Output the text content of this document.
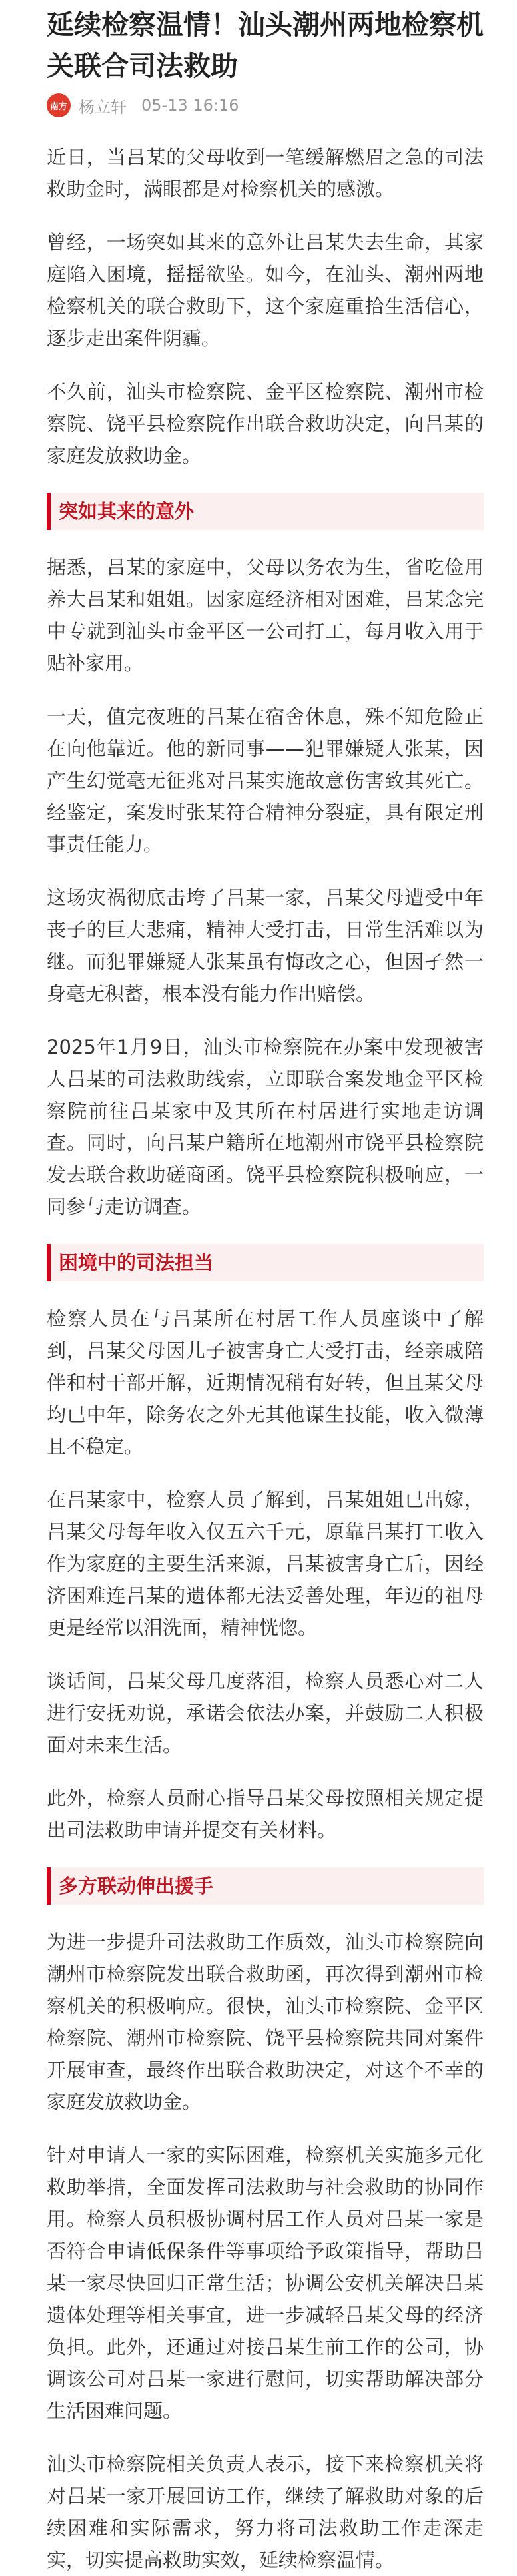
延续检察温情！汕头潮州两地检察机关联合司法救助
南方 杨立轩 05-13 16:16

近日，当吕某的父母收到一笔缓解燃眉之急的司法救助金时，满眼都是对检察机关的感激。

曾经，一场突如其来的意外让吕某失去生命，其家庭陷入困境，摇摇欲坠。如今，在汕头、潮州两地检察机关的联合救助下，这个家庭重拾生活信心，逐步走出案件阴霾。

不久前，汕头市检察院、金平区检察院、潮州市检察院、饶平县检察院作出联合救助决定，向吕某的家庭发放救助金。

突如其来的意外

据悉，吕某的家庭中，父母以务农为生，省吃俭用养大吕某和姐姐。因家庭经济相对困难，吕某念完中专就到汕头市金平区一公司打工，每月收入用于贴补家用。

一天，值完夜班的吕某在宿舍休息，殊不知危险正在向他靠近。他的新同事——犯罪嫌疑人张某，因产生幻觉毫无征兆对吕某实施故意伤害致其死亡。经鉴定，案发时张某符合精神分裂症，具有限定刑事责任能力。

这场灾祸彻底击垮了吕某一家，吕某父母遭受中年丧子的巨大悲痛，精神大受打击，日常生活难以为继。而犯罪嫌疑人张某虽有悔改之心，但因孑然一身毫无积蓄，根本没有能力作出赔偿。

2025年1月9日，汕头市检察院在办案中发现被害人吕某的司法救助线索，立即联合案发地金平区检察院前往吕某家中及其所在村居进行实地走访调查。同时，向吕某户籍所在地潮州市饶平县检察院发去联合救助磋商函。饶平县检察院积极响应，一同参与走访调查。

困境中的司法担当

检察人员在与吕某所在村居工作人员座谈中了解到，吕某父母因儿子被害身亡大受打击，经亲戚陪伴和村干部开解，近期情况稍有好转，但且某父母均已中年，除务农之外无其他谋生技能，收入微薄且不稳定。

在吕某家中，检察人员了解到，吕某姐姐已出嫁，吕某父母每年收入仅五六千元，原靠吕某打工收入作为家庭的主要生活来源，吕某被害身亡后，因经济困难连吕某的遗体都无法妥善处理，年迈的祖母更是经常以泪洗面，精神恍惚。

谈话间，吕某父母几度落泪，检察人员悉心对二人进行安抚劝说，承诺会依法办案，并鼓励二人积极面对未来生活。

此外，检察人员耐心指导吕某父母按照相关规定提出司法救助申请并提交有关材料。

多方联动伸出援手

为进一步提升司法救助工作质效，汕头市检察院向潮州市检察院发出联合救助函，再次得到潮州市检察机关的积极响应。很快，汕头市检察院、金平区检察院、潮州市检察院、饶平县检察院共同对案件开展审查，最终作出联合救助决定，对这个不幸的家庭发放救助金。

针对申请人一家的实际困难，检察机关实施多元化救助举措，全面发挥司法救助与社会救助的协同作用。检察人员积极协调村居工作人员对吕某一家是否符合申请低保条件等事项给予政策指导，帮助吕某一家尽快回归正常生活；协调公安机关解决吕某遗体处理等相关事宜，进一步减轻吕某父母的经济负担。此外，还通过对接吕某生前工作的公司，协调该公司对吕某一家进行慰问，切实帮助解决部分生活困难问题。

汕头市检察院相关负责人表示，接下来检察机关将对吕某一家开展回访工作，继续了解救助对象的后续困难和实际需求，努力将司法救助工作走深走实，切实提高救助实效，延续检察温情。
